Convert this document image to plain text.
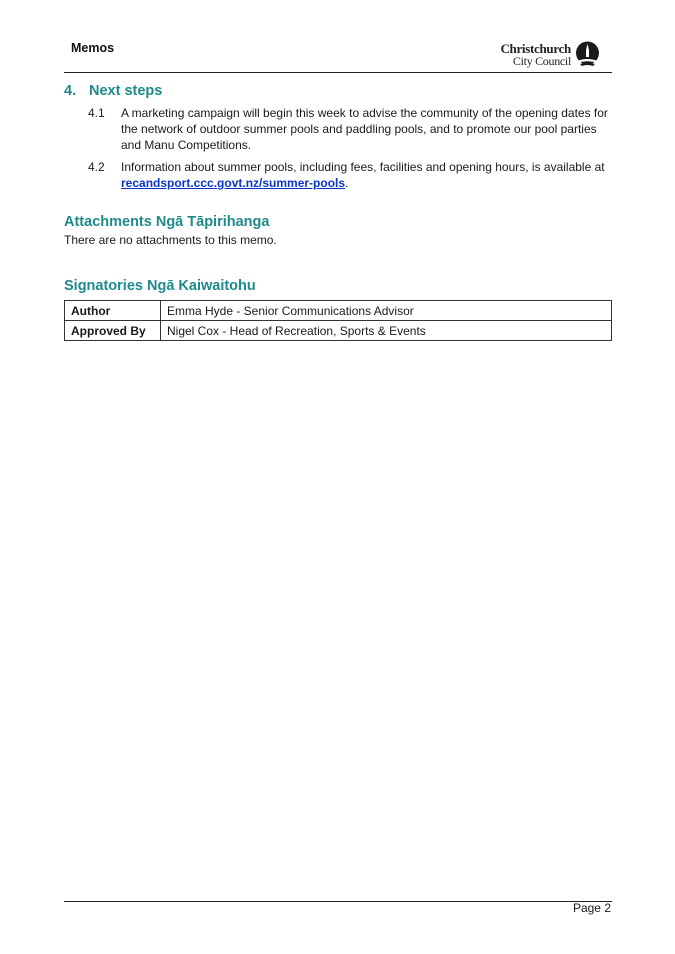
Memos	Christchurch
City Council
4. Next steps
4.1 A marketing campaign will begin this week to advise the community of the opening dates for the network of outdoor summer pools and paddling pools, and to promote our pool parties and Manu Competitions.
4.2 Information about summer pools, including fees, facilities and opening hours, is available at recandsport.ccc.govt.nz/summer-pools.
Attachments Ngā Tāpirihanga
There are no attachments to this memo.
Signatories Ngā Kaiwaitohu
Author	Emma Hyde - Senior Communications Advisor
Approved By	Nigel Cox - Head of Recreation, Sports & Events
Page 2
